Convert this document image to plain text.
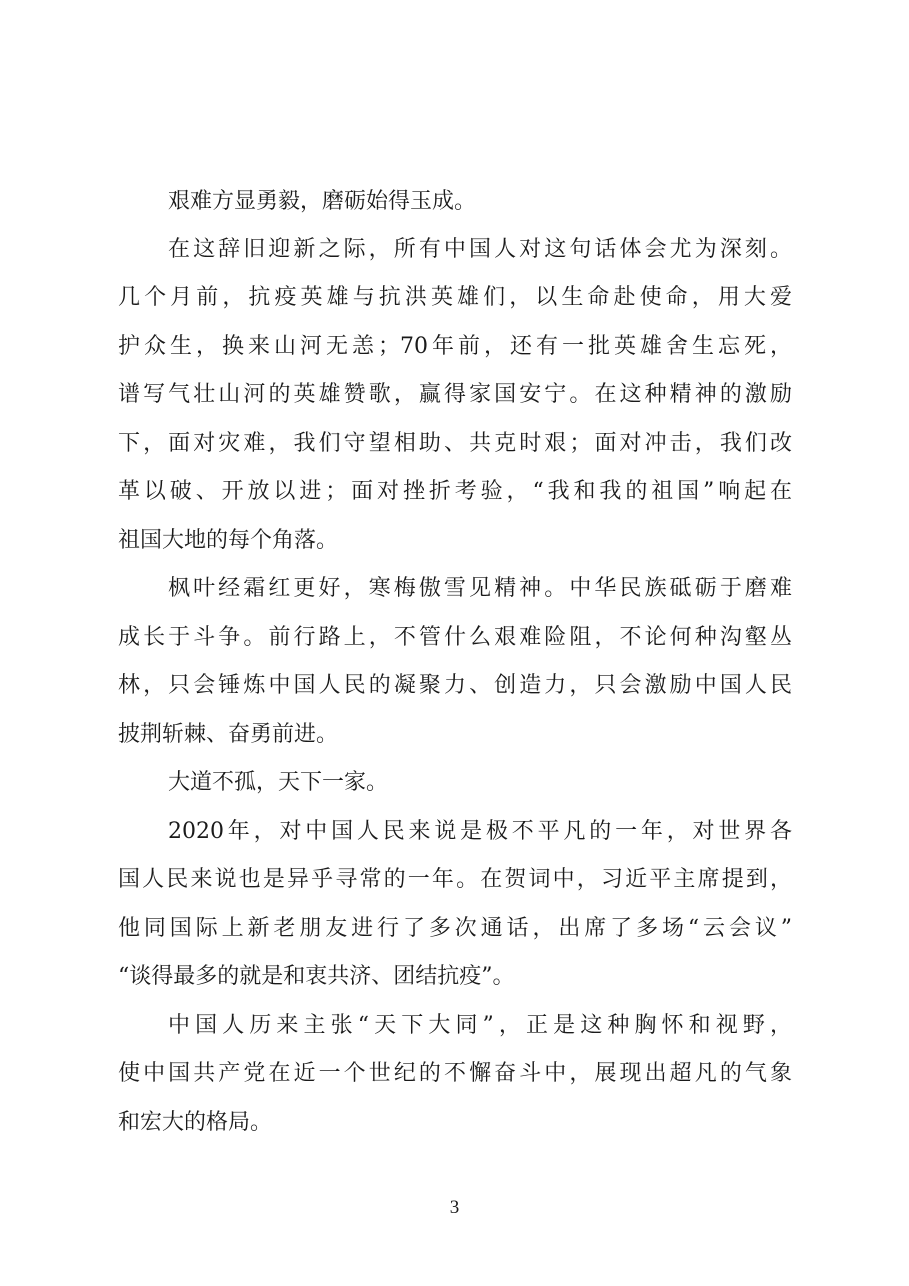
艰难方显勇毅，磨砺始得玉成。
在这辞旧迎新之际，所有中国人对这句话体会尤为深刻。
几个月前，抗疫英雄与抗洪英雄们，以生命赴使命，用大爱
护众生，换来山河无恙；70年前，还有一批英雄舍生忘死，
谱写气壮山河的英雄赞歌，赢得家国安宁。在这种精神的激励
下，面对灾难，我们守望相助、共克时艰；面对冲击，我们改
革以破、开放以进；面对挫折考验，“我和我的祖国”响起在
祖国大地的每个角落。
枫叶经霜红更好，寒梅傲雪见精神。中华民族砥砺于磨难
成长于斗争。前行路上，不管什么艰难险阻，不论何种沟壑丛
林，只会锤炼中国人民的凝聚力、创造力，只会激励中国人民
披荆斩棘、奋勇前进。
大道不孤，天下一家。
2020年，对中国人民来说是极不平凡的一年，对世界各
国人民来说也是异乎寻常的一年。在贺词中，习近平主席提到，
他同国际上新老朋友进行了多次通话，出席了多场“云会议”
“谈得最多的就是和衷共济、团结抗疫”。
中国人历来主张“天下大同”，正是这种胸怀和视野，
使中国共产党在近一个世纪的不懈奋斗中，展现出超凡的气象
和宏大的格局。
3
